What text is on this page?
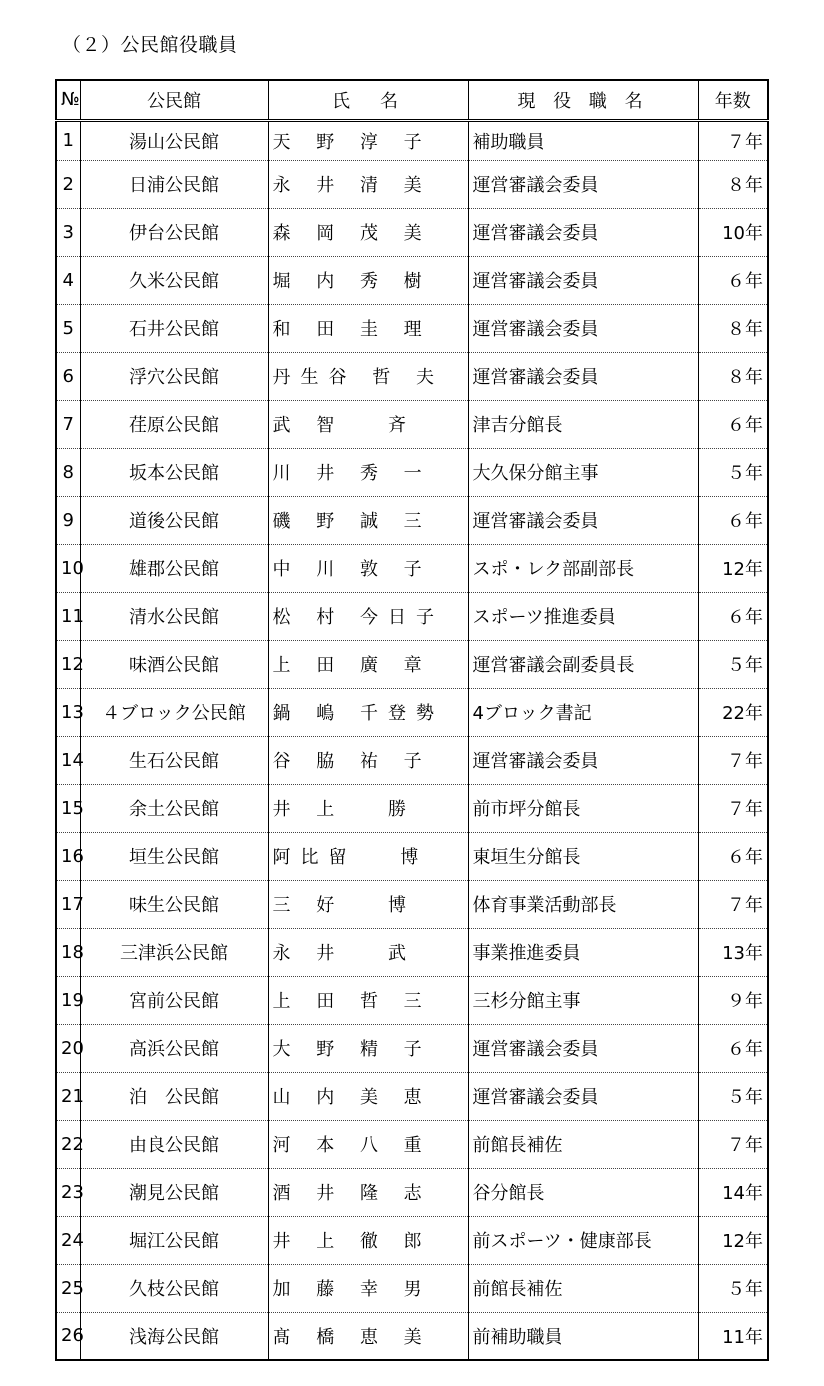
（２）公民館役職員
№	公民館	氏　名	現 役 職 名	年数
1	湯山公民館	天 野 淳 子	補助職員	７年
2	日浦公民館	永 井 清 美	運営審議会委員	８年
3	伊台公民館	森 岡 茂 美	運営審議会委員	10年
4	久米公民館	堀 内 秀 樹	運営審議会委員	６年
5	石井公民館	和 田 圭 理	運営審議会委員	８年
6	浮穴公民館	丹生谷 哲 夫	運営審議会委員	８年
7	荏原公民館	武 智 　斉	津吉分館長	６年
8	坂本公民館	川 井 秀 一	大久保分館主事	５年
9	道後公民館	磯 野 誠 三	運営審議会委員	６年
10	雄郡公民館	中 川 敦 子	スポ・レク部副部長	12年
11	清水公民館	松 村 今日子	スポーツ推進委員	６年
12	味酒公民館	上 田 廣 章	運営審議会副委員長	５年
13	４ブロック公民館	鍋 嶋 千登勢	4ブロック書記	22年
14	生石公民館	谷 脇 祐 子	運営審議会委員	７年
15	余土公民館	井 上 　勝	前市坪分館長	７年
16	垣生公民館	阿比留 　博	東垣生分館長	６年
17	味生公民館	三 好 　博	体育事業活動部長	７年
18	三津浜公民館	永 井 　武	事業推進委員	13年
19	宮前公民館	上 田 哲 三	三杉分館主事	９年
20	高浜公民館	大 野 精 子	運営審議会委員	６年
21	泊　公民館	山 内 美 恵	運営審議会委員	５年
22	由良公民館	河 本 八 重	前館長補佐	７年
23	潮見公民館	酒 井 隆 志	谷分館長	14年
24	堀江公民館	井 上 徹 郎	前スポーツ・健康部長	12年
25	久枝公民館	加 藤 幸 男	前館長補佐	５年
26	浅海公民館	髙 橋 恵 美	前補助職員	11年
